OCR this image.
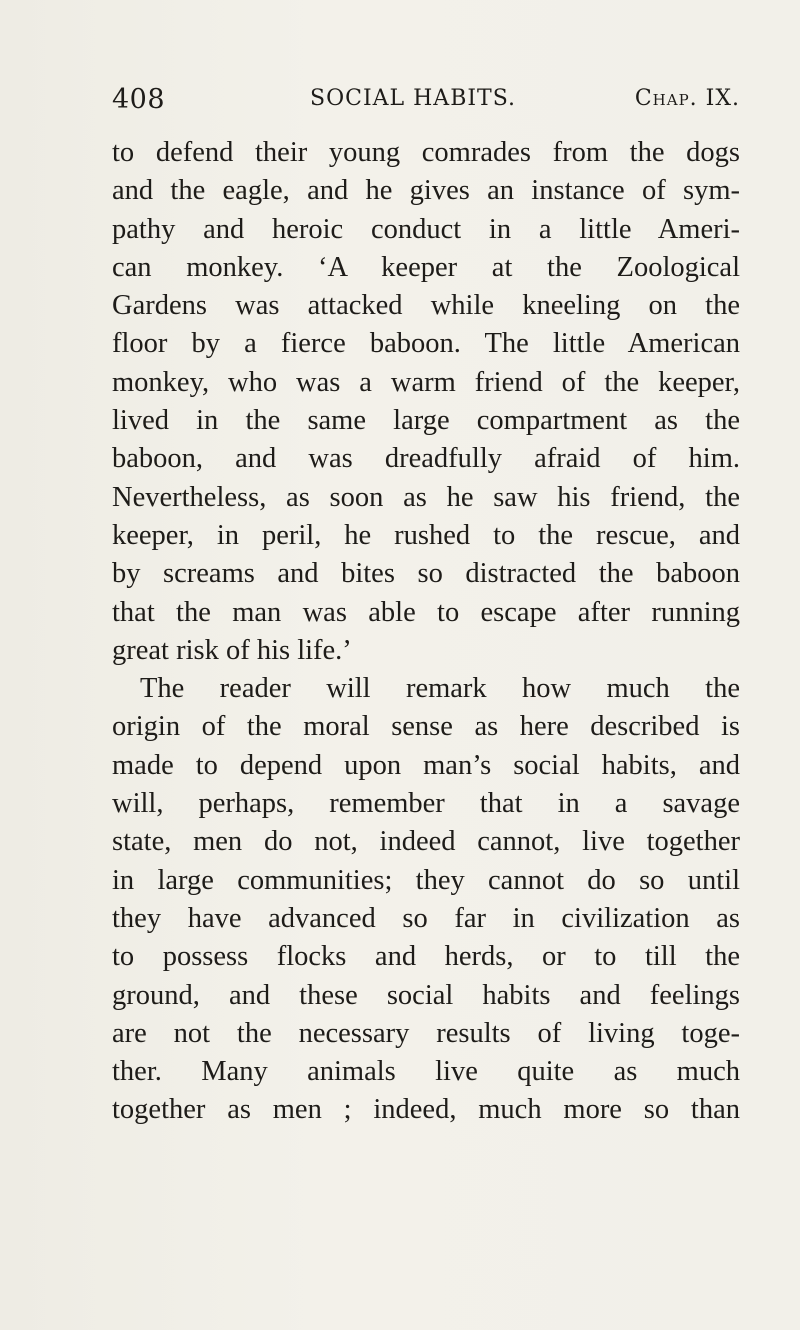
408	SOCIAL HABITS.	Chap. IX.
to defend their young comrades from the dogs
and the eagle, and he gives an instance of sym-
pathy and heroic conduct in a little Ameri-
can monkey. ‘A keeper at the Zoological
Gardens was attacked while kneeling on the
floor by a fierce baboon. The little American
monkey, who was a warm friend of the keeper,
lived in the same large compartment as the
baboon, and was dreadfully afraid of him.
Nevertheless, as soon as he saw his friend, the
keeper, in peril, he rushed to the rescue, and
by screams and bites so distracted the baboon
that the man was able to escape after running
great risk of his life.’
The reader will remark how much the
origin of the moral sense as here described is
made to depend upon man’s social habits, and
will, perhaps, remember that in a savage
state, men do not, indeed cannot, live together
in large communities; they cannot do so until
they have advanced so far in civilization as
to possess flocks and herds, or to till the
ground, and these social habits and feelings
are not the necessary results of living toge-
ther. Many animals live quite as much
together as men ; indeed, much more so than
